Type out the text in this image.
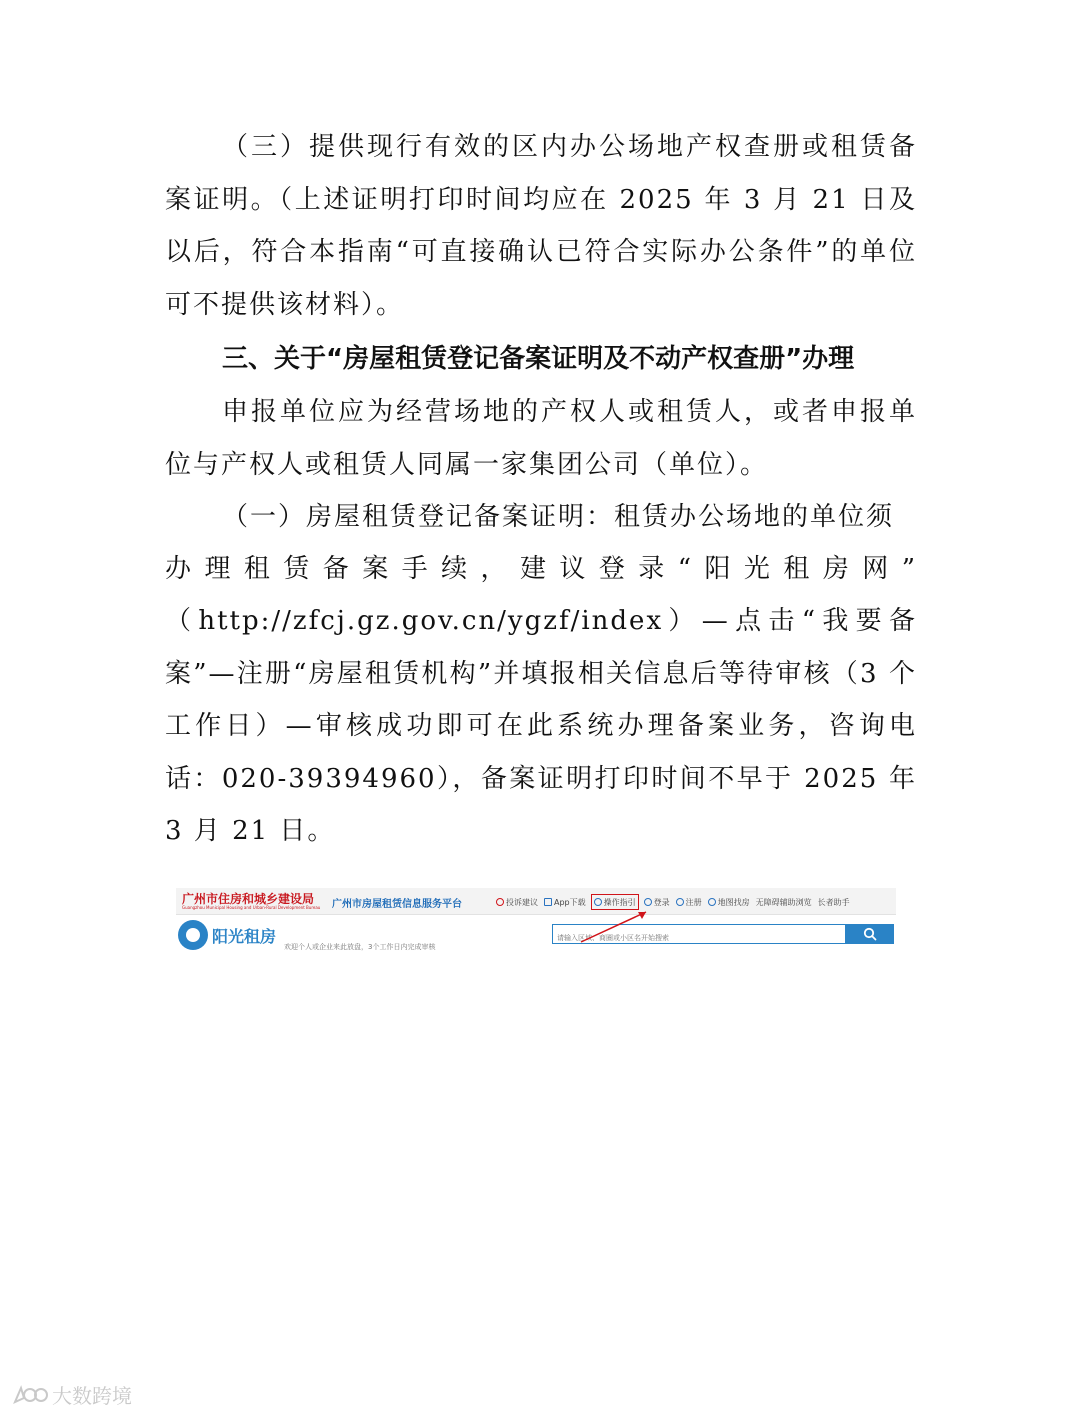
（三）提供现行有效的区内办公场地产权查册或租赁备案证明。（上述证明打印时间均应在 2025 年 3 月 21 日及以后，符合本指南“可直接确认已符合实际办公条件”的单位可不提供该材料）。

三、关于“房屋租赁登记备案证明及不动产权查册”办理

申报单位应为经营场地的产权人或租赁人，或者申报单位与产权人或租赁人同属一家集团公司（单位）。

（一）房屋租赁登记备案证明：租赁办公场地的单位须

办理租赁备案手续，建议登录“阳光租房网”

（http://zfcj.gz.gov.cn/ygzf/index）—点击“我要备案”—注册“房屋租赁机构”并填报相关信息后等待审核（3 个工作日）—审核成功即可在此系统办理备案业务，咨询电话：020-39394960），备案证明打印时间不早于 2025 年 3 月 21 日。

广州市住房和城乡建设局
Guangzhou Municipal Housing and Urban-Rural Development Bureau 广州市房屋租赁信息服务平台	投诉建议 App下载 操作指引 登录 注册 地图找房 无障碍辅助浏览 长者助手
阳光租房
欢迎个人或企业来此放盘，3个工作日内完成审核
请输入区域、商圈或小区名开始搜索
大数跨境
